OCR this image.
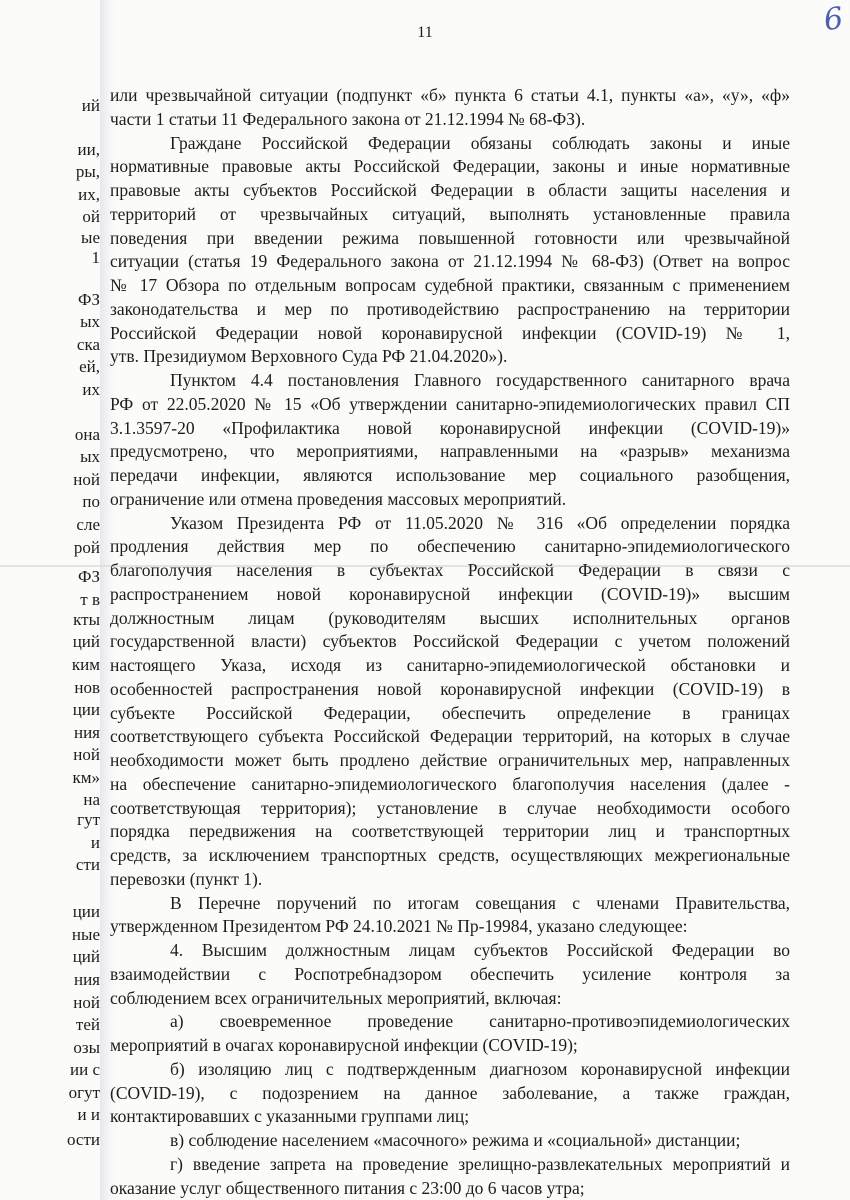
6
11
ий
ии,
ры,
их,
ой
ые
1
ФЗ
ых
ска
ей,
их
она
ых
ной
по
сле
рой
ФЗ
т в
кты
ций
ким
нов
ции
ния
ной
км»
на
гут
и
сти
ции
ные
ций
ния
ной
тей
озы
ии с
огут
и и
ости
или чрезвычайной ситуации (подпункт «б» пункта 6 статьи 4.1, пункты «а», «у», «ф»
части 1 статьи 11 Федерального закона от 21.12.1994 № 68-ФЗ).
Граждане Российской Федерации обязаны соблюдать законы и иные
нормативные правовые акты Российской Федерации, законы и иные нормативные
правовые акты субъектов Российской Федерации в области защиты населения и
территорий от чрезвычайных ситуаций, выполнять установленные правила
поведения при введении режима повышенной готовности или чрезвычайной
ситуации (статья 19 Федерального закона от 21.12.1994 № 68-ФЗ) (Ответ на вопрос
№ 17 Обзора по отдельным вопросам судебной практики, связанным с применением
законодательства и мер по противодействию распространению на территории
Российской Федерации новой коронавирусной инфекции (COVID-19) № 1,
утв. Президиумом Верховного Суда РФ 21.04.2020»).
Пунктом 4.4 постановления Главного государственного санитарного врача
РФ от 22.05.2020 № 15 «Об утверждении санитарно-эпидемиологических правил СП
3.1.3597-20 «Профилактика новой коронавирусной инфекции (COVID-19)»
предусмотрено, что мероприятиями, направленными на «разрыв» механизма
передачи инфекции, являются использование мер социального разобщения,
ограничение или отмена проведения массовых мероприятий.
Указом Президента РФ от 11.05.2020 № 316 «Об определении порядка
продления действия мер по обеспечению санитарно-эпидемиологического
благополучия населения в субъектах Российской Федерации в связи с
распространением новой коронавирусной инфекции (COVID-19)» высшим
должностным лицам (руководителям высших исполнительных органов
государственной власти) субъектов Российской Федерации с учетом положений
настоящего Указа, исходя из санитарно-эпидемиологической обстановки и
особенностей распространения новой коронавирусной инфекции (COVID-19) в
субъекте Российской Федерации, обеспечить определение в границах
соответствующего субъекта Российской Федерации территорий, на которых в случае
необходимости может быть продлено действие ограничительных мер, направленных
на обеспечение санитарно-эпидемиологического благополучия населения (далее -
соответствующая территория); установление в случае необходимости особого
порядка передвижения на соответствующей территории лиц и транспортных
средств, за исключением транспортных средств, осуществляющих межрегиональные
перевозки (пункт 1).
В Перечне поручений по итогам совещания с членами Правительства,
утвержденном Президентом РФ 24.10.2021 № Пр-19984, указано следующее:
4. Высшим должностным лицам субъектов Российской Федерации во
взаимодействии с Роспотребнадзором обеспечить усиление контроля за
соблюдением всех ограничительных мероприятий, включая:
а) своевременное проведение санитарно-противоэпидемиологических
мероприятий в очагах коронавирусной инфекции (COVID-19);
б) изоляцию лиц с подтвержденным диагнозом коронавирусной инфекции
(COVID-19), с подозрением на данное заболевание, а также граждан,
контактировавших с указанными группами лиц;
в) соблюдение населением «масочного» режима и «социальной» дистанции;
г) введение запрета на проведение зрелищно-развлекательных мероприятий и
оказание услуг общественного питания с 23:00 до 6 часов утра;
